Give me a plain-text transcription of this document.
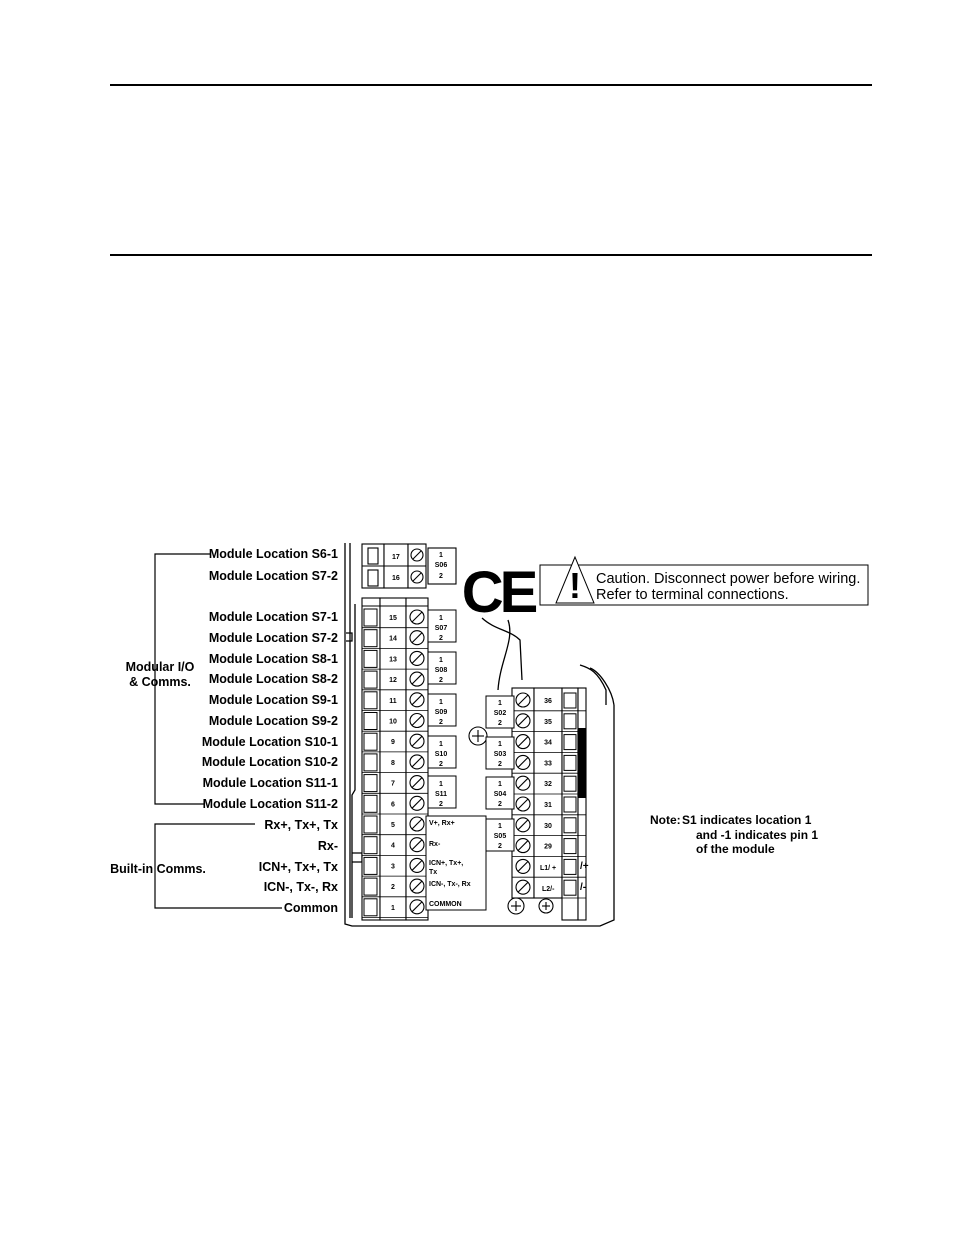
Modular I/O
& Comms.
Built-in Comms.
Module Location S6-1
Module Location S7-2
Module Location S7-1
Module Location S7-2
Module Location S8-1
Module Location S8-2
Module Location S9-1
Module Location S9-2
Module Location S10-1
Module Location S10-2
Module Location S11-1
Module Location S11-2
Rx+, Tx+, Tx
Rx-
ICN+, Tx+, Tx
ICN-, Tx-, Rx
Common
17
16
1
S06
2
15
14
13
12
11
10
9
8
7
6
5
4
3
2
1
1
S07
2
1
S08
2
1
S09
2
1
S10
2
1
S11
2
V+, Rx+
Rx-
ICN+, Tx+,
Tx
ICN-, Tx-, Rx
COMMON
36
35
34
33
32
31
30
29
1
S02
2
1
S03
2
1
S04
2
1
S05
2
L1/ +
L2/-
/+
/-
CE ! Caution. Disconnect power before wiring.
Refer to terminal connections.
Note: S1 indicates location 1
and -1 indicates pin 1
of the module
